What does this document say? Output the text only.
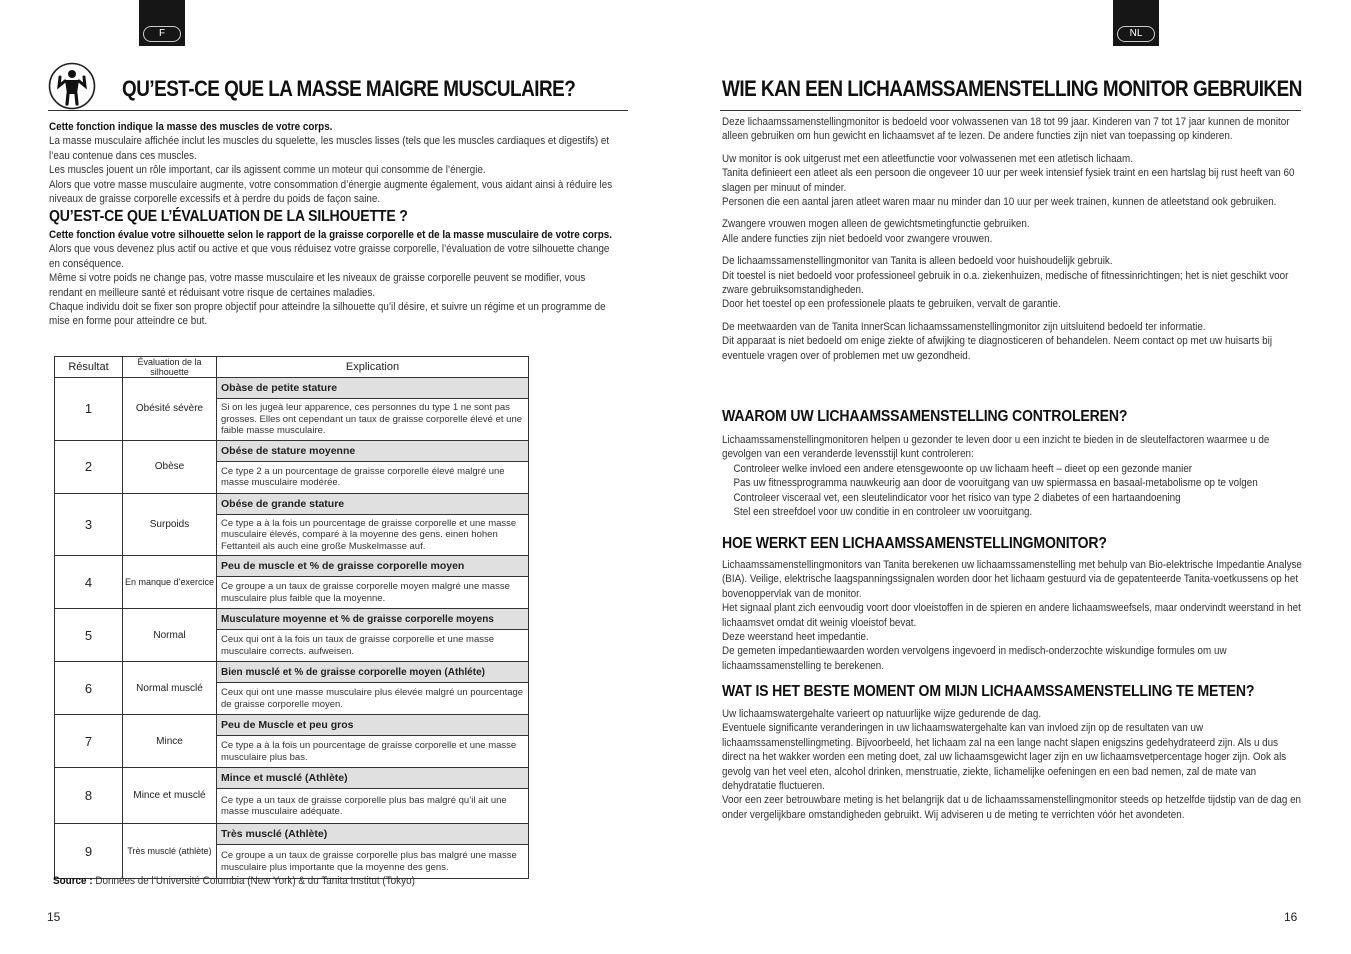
F
QU’EST-CE QUE LA MASSE MAIGRE MUSCULAIRE?

Cette fonction indique la masse des muscles de votre corps.

La masse musculaire affichée inclut les muscles du squelette, les muscles lisses (tels que les muscles cardiaques et digestifs) et l’eau contenue dans ces muscles.

Les muscles jouent un rôle important, car ils agissent comme un moteur qui consomme de l’énergie.

Alors que votre masse musculaire augmente, votre consommation d’énergie augmente également, vous aidant ainsi à réduire les niveaux de graisse corporelle excessifs et à perdre du poids de façon saine.

QU’EST-CE QUE L’ÉVALUATION DE LA SILHOUETTE ?

Cette fonction évalue votre silhouette selon le rapport de la graisse corporelle et de la masse musculaire de votre corps.

Alors que vous devenez plus actif ou active et que vous réduisez votre graisse corporelle, l’évaluation de votre silhouette change en conséquence.

Même si votre poids ne change pas, votre masse musculaire et les niveaux de graisse corporelle peuvent se modifier, vous rendant en meilleure santé et réduisant votre risque de certaines maladies.

Chaque individu doit se fixer son propre objectif pour atteindre la silhouette qu’il désire, et suivre un régime et un programme de mise en forme pour atteindre ce but.

Résultat	Évaluation de la silhouette	Explication
1	Obésité sévère	Obàse de petite stature
		Si on les jugeà leur apparence, ces personnes du type 1 ne sont pas grosses. Elles ont cependant un taux de graisse corporelle élevé et une faible masse musculaire.
2	Obèse	Obése de stature moyenne
		Ce type 2 a un pourcentage de graisse corporelle élevé malgré une masse musculaire modérée.
3	Surpoids	Obése de grande stature
		Ce type a à la fois un pourcentage de graisse corporelle et une masse musculaire élevés, comparé à la moyenne des gens. einen hohen Fettanteil als auch eine große Muskelmasse auf.
4	En manque d’exercice	Peu de muscle et % de graisse corporelle moyen
		Ce groupe a un taux de graisse corporelle moyen malgré une masse musculaire plus faible que la moyenne.
5	Normal	Musculature moyenne et % de graisse corporelle moyens
		Ceux qui ont à la fois un taux de graisse corporelle et une masse musculaire corrects. aufweisen.
6	Normal musclé	Bien musclé et % de graisse corporelle moyen (Athléte)
		Ceux qui ont une masse musculaire plus élevée malgré un pourcentage de graisse corporelle moyen.
7	Mince	Peu de Muscle et peu gros
		Ce type a à la fois un pourcentage de graisse corporelle et une masse musculaire plus bas.
8	Mince et musclé	Mince et musclé (Athlète)
		Ce type a un taux de graisse corporelle plus bas malgré qu’il ait une masse musculaire adéquate.
9	Très musclé (athlète)	Très musclé (Athlète)
		Ce groupe a un taux de graisse corporelle plus bas malgré une masse musculaire plus importante que la moyenne des gens.
Source : Données de l’Université Columbia (New York) & du Tanita Institut (Tokyo)
15
NL
WIE KAN EEN LICHAAMSSAMENSTELLING MONITOR GEBRUIKEN

Deze lichaamssamenstellingmonitor is bedoeld voor volwassenen van 18 tot 99 jaar. Kinderen van 7 tot 17 jaar kunnen de monitor alleen gebruiken om hun gewicht en lichaamsvet af te lezen. De andere functies zijn niet van toepassing op kinderen.

Uw monitor is ook uitgerust met een atleetfunctie voor volwassenen met een atletisch lichaam.

Tanita definieert een atleet als een persoon die ongeveer 10 uur per week intensief fysiek traint en een hartslag bij rust heeft van 60 slagen per minuut of minder.

Personen die een aantal jaren atleet waren maar nu minder dan 10 uur per week trainen, kunnen de atleetstand ook gebruiken.

Zwangere vrouwen mogen alleen de gewichtsmetingfunctie gebruiken.

Alle andere functies zijn niet bedoeld voor zwangere vrouwen.

De lichaamssamenstellingmonitor van Tanita is alleen bedoeld voor huishoudelijk gebruik.

Dit toestel is niet bedoeld voor professioneel gebruik in o.a. ziekenhuizen, medische of fitnessinrichtingen; het is niet geschikt voor zware gebruiksomstandigheden.

Door het toestel op een professionele plaats te gebruiken, vervalt de garantie.

De meetwaarden van de Tanita InnerScan lichaamssamenstellingmonitor zijn uitsluitend bedoeld ter informatie.

Dit apparaat is niet bedoeld om enige ziekte of afwijking te diagnosticeren of behandelen. Neem contact op met uw huisarts bij eventuele vragen over of problemen met uw gezondheid.

WAAROM UW LICHAAMSSAMENSTELLING CONTROLEREN?

Lichaamssamenstellingmonitoren helpen u gezonder te leven door u een inzicht te bieden in de sleutelfactoren waarmee u de gevolgen van een veranderde levensstijl kunt controleren:

Controleer welke invloed een andere etensgewoonte op uw lichaam heeft – dieet op een gezonde manier
Pas uw fitnessprogramma nauwkeurig aan door de vooruitgang van uw spiermassa en basaal-metabolisme op te volgen
Controleer visceraal vet, een sleutelindicator voor het risico van type 2 diabetes of een hartaandoening
Stel een streefdoel voor uw conditie in en controleer uw vooruitgang.
HOE WERKT EEN LICHAAMSSAMENSTELLINGMONITOR?

Lichaamssamenstellingmonitors van Tanita berekenen uw lichaamssamenstelling met behulp van Bio-elektrische Impedantie Analyse (BIA). Veilige, elektrische laagspanningssignalen worden door het lichaam gestuurd via de gepatenteerde Tanita-voetkussens op het bovenoppervlak van de monitor.

Het signaal plant zich eenvoudig voort door vloeistoffen in de spieren en andere lichaamsweefsels, maar ondervindt weerstand in het lichaamsvet omdat dit weinig vloeistof bevat.

Deze weerstand heet impedantie.

De gemeten impedantiewaarden worden vervolgens ingevoerd in medisch-onderzochte wiskundige formules om uw lichaamssamenstelling te berekenen.

WAT IS HET BESTE MOMENT OM MIJN LICHAAMSSAMENSTELLING TE METEN?

Uw lichaamswatergehalte varieert op natuurlijke wijze gedurende de dag.

Eventuele significante veranderingen in uw lichaamswatergehalte kan van invloed zijn op de resultaten van uw lichaamssamenstellingmeting. Bijvoorbeeld, het lichaam zal na een lange nacht slapen enigszins gedehydrateerd zijn. Als u dus direct na het wakker worden een meting doet, zal uw lichaamsgewicht lager zijn en uw lichaamsvetpercentage hoger zijn. Ook als gevolg van het veel eten, alcohol drinken, menstruatie, ziekte, lichamelijke oefeningen en een bad nemen, zal de mate van dehydratatie fluctueren.

Voor een zeer betrouwbare meting is het belangrijk dat u de lichaamssamenstellingmonitor steeds op hetzelfde tijdstip van de dag en onder vergelijkbare omstandigheden gebruikt. Wij adviseren u de meting te verrichten vóór het avondeten.

16
